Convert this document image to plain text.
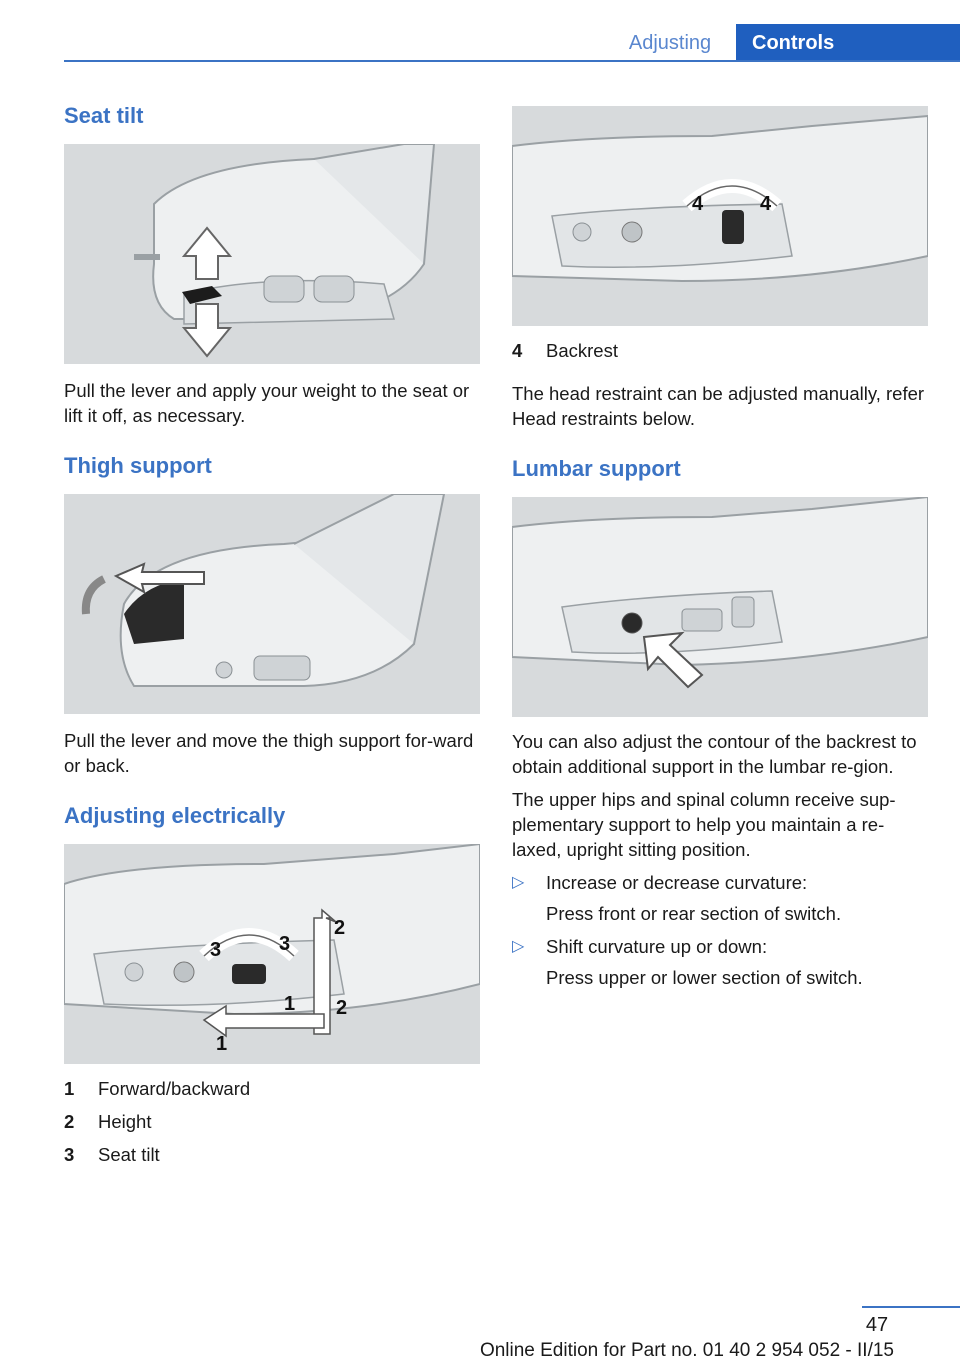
Adjusting	Controls
Seat tilt

Pull the lever and apply your weight to the seat or lift it off, as necessary.

Thigh support

Pull the lever and move the thigh support for-ward or back.

Adjusting electrically
3	3
2
1
1 2
1	Forward/backward
2	Height
3	Seat tilt
4	4
4	Backrest

The head restraint can be adjusted manually, refer Head restraints below.

Lumbar support

You can also adjust the contour of the backrest to obtain additional support in the lumbar re-gion.

The upper hips and spinal column receive sup-plementary support to help you maintain a re-laxed, upright sitting position.

▷	Increase or decrease curvature:
Press front or rear section of switch.
▷	Shift curvature up or down:
Press upper or lower section of switch.
47
Online Edition for Part no. 01 40 2 954 052 - II/15
